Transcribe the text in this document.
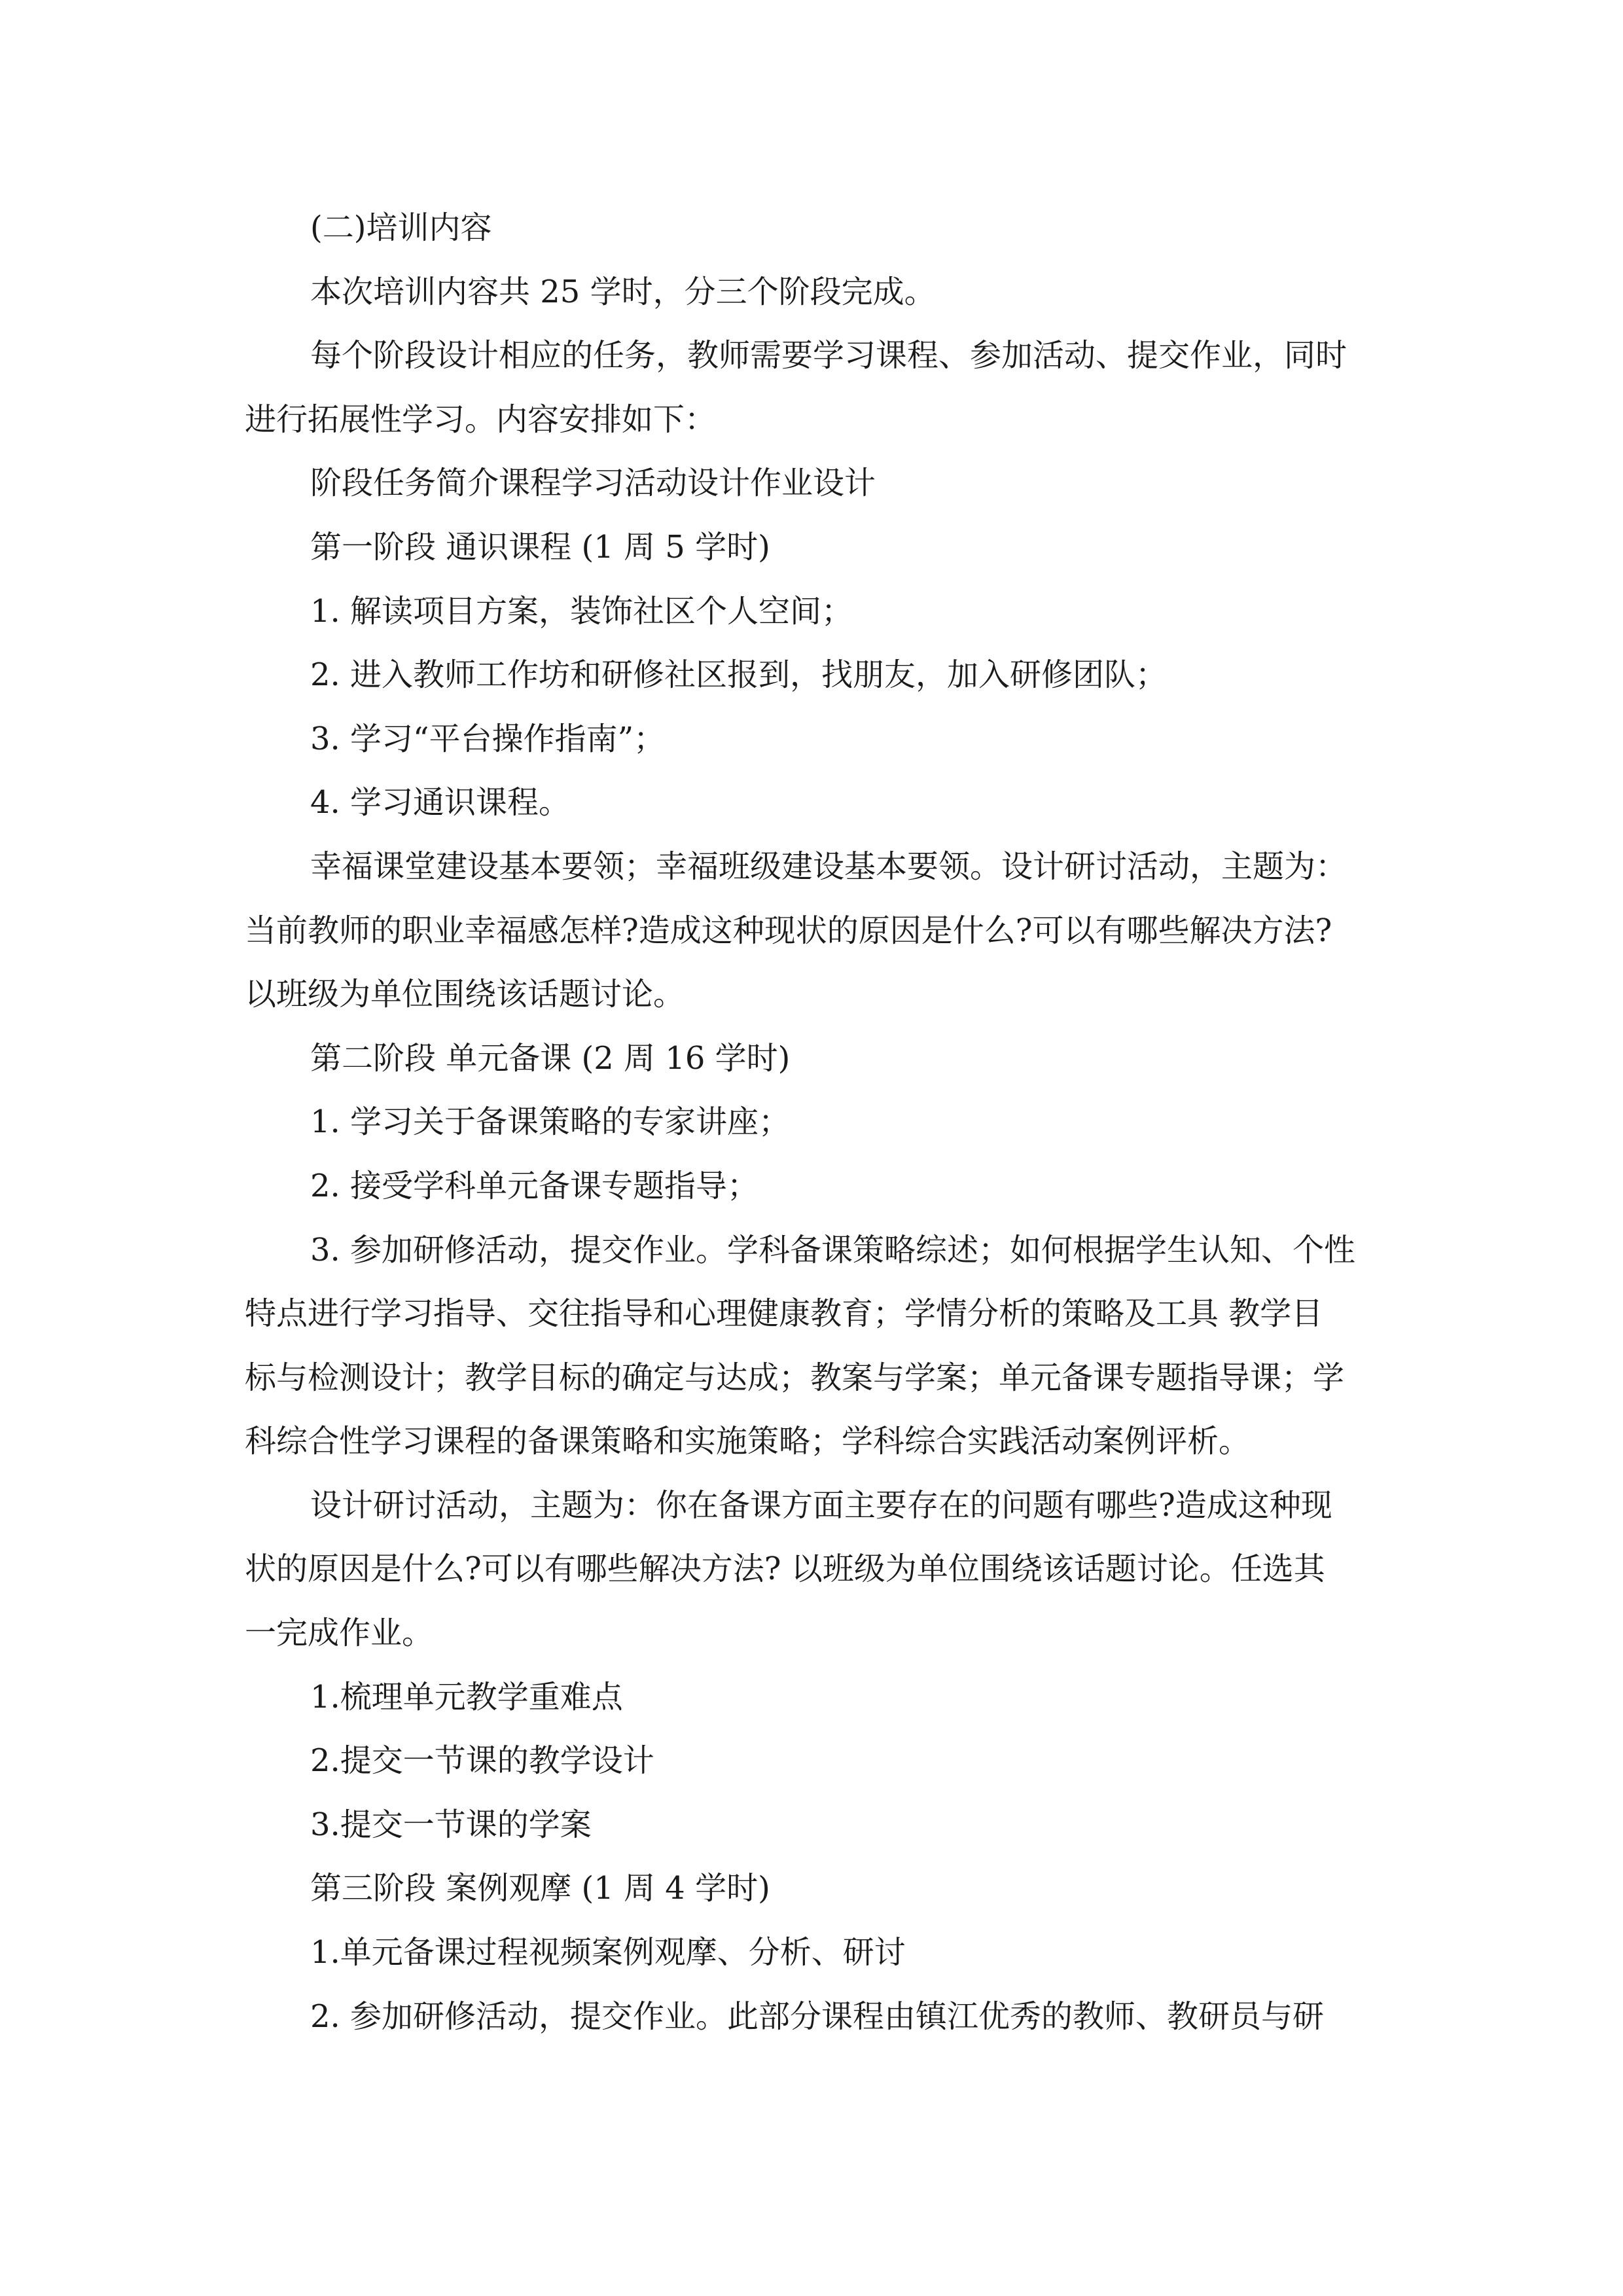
(二)培训内容
本次培训内容共 25 学时，分三个阶段完成。
每个阶段设计相应的任务，教师需要学习课程、参加活动、提交作业，同时
进行拓展性学习。内容安排如下：
阶段任务简介课程学习活动设计作业设计
第一阶段 通识课程 (1 周 5 学时)
1. 解读项目方案，装饰社区个人空间；
2. 进入教师工作坊和研修社区报到，找朋友，加入研修团队；
3. 学习“平台操作指南”；
4. 学习通识课程。
幸福课堂建设基本要领；幸福班级建设基本要领。设计研讨活动，主题为：
当前教师的职业幸福感怎样?造成这种现状的原因是什么?可以有哪些解决方法?
以班级为单位围绕该话题讨论。
第二阶段 单元备课 (2 周 16 学时)
1. 学习关于备课策略的专家讲座；
2. 接受学科单元备课专题指导；
3. 参加研修活动，提交作业。学科备课策略综述；如何根据学生认知、个性
特点进行学习指导、交往指导和心理健康教育；学情分析的策略及工具 教学目
标与检测设计；教学目标的确定与达成；教案与学案；单元备课专题指导课；学
科综合性学习课程的备课策略和实施策略；学科综合实践活动案例评析。
设计研讨活动，主题为：你在备课方面主要存在的问题有哪些?造成这种现
状的原因是什么?可以有哪些解决方法? 以班级为单位围绕该话题讨论。任选其
一完成作业。
1.梳理单元教学重难点
2.提交一节课的教学设计
3.提交一节课的学案
第三阶段 案例观摩 (1 周 4 学时)
1.单元备课过程视频案例观摩、分析、研讨
2. 参加研修活动，提交作业。此部分课程由镇江优秀的教师、教研员与研
